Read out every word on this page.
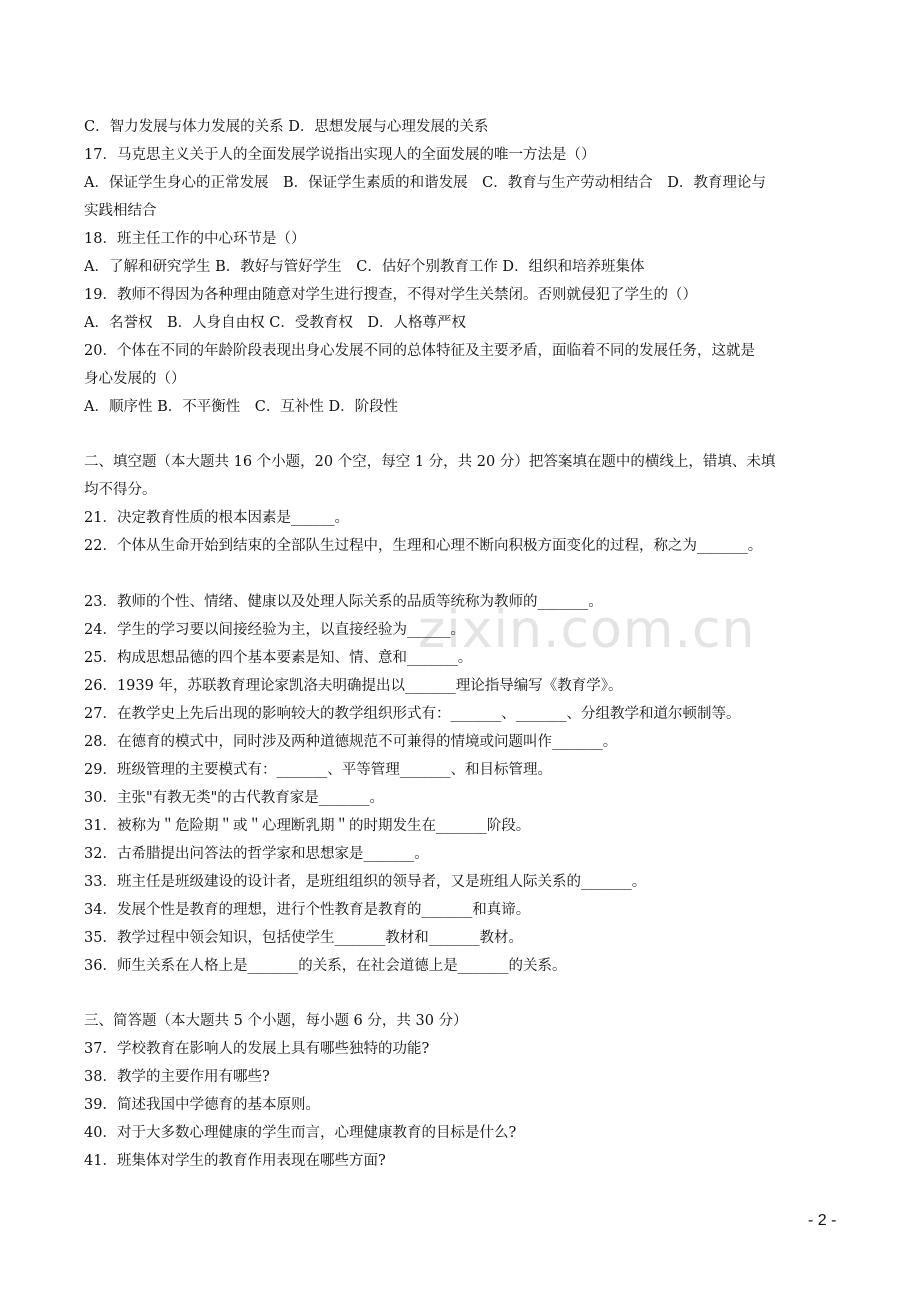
zixin.com.cn
C．智力发展与体力发展的关系 D．思想发展与心理发展的关系
17．马克思主义关于人的全面发展学说指出实现人的全面发展的唯一方法是（）
A．保证学生身心的正常发展　B．保证学生素质的和谐发展　C．教育与生产劳动相结合　D．教育理论与
实践相结合
18．班主任工作的中心环节是（）
A．了解和研究学生 B．教好与管好学生　C．估好个别教育工作 D．组织和培养班集体
19．教师不得因为各种理由随意对学生进行搜查，不得对学生关禁闭。否则就侵犯了学生的（）
A．名誉权　B．人身自由权 C．受教育权　D．人格尊严权
20．个体在不同的年龄阶段表现出身心发展不同的总体特征及主要矛盾，面临着不同的发展任务，这就是
身心发展的（）
A．顺序性 B．不平衡性　C．互补性 D．阶段性
二、填空题（本大题共 16 个小题，20 个空，每空 1 分，共 20 分）把答案填在题中的横线上，错填、未填
均不得分。
21．决定教育性质的根本因素是______。
22．个体从生命开始到结束的全部队生过程中，生理和心理不断向积极方面变化的过程，称之为_______。
23．教师的个性、情绪、健康以及处理人际关系的品质等统称为教师的_______。
24．学生的学习要以间接经验为主，以直接经验为______。
25．构成思想品德的四个基本要素是知、情、意和_______。
26．1939 年，苏联教育理论家凯洛夫明确提出以_______理论指导编写《教育学》。
27．在教学史上先后出现的影响较大的教学组织形式有：_______、_______、分组教学和道尔顿制等。
28．在德育的模式中，同时涉及两种道德规范不可兼得的情境或问题叫作_______。
29．班级管理的主要模式有：_______、平等管理_______、和目标管理。
30．主张"有教无类"的古代教育家是_______。
31．被称为＂危险期＂或＂心理断乳期＂的时期发生在_______阶段。
32．古希腊提出问答法的哲学家和思想家是_______。
33．班主任是班级建设的设计者，是班组组织的领导者，又是班组人际关系的_______。
34．发展个性是教育的理想，进行个性教育是教育的_______和真谛。
35．教学过程中领会知识，包括使学生_______教材和_______教材。
36．师生关系在人格上是_______的关系，在社会道德上是_______的关系。
三、简答题（本大题共 5 个小题，每小题 6 分，共 30 分）
37．学校教育在影响人的发展上具有哪些独特的功能?
38．教学的主要作用有哪些?
39．简述我国中学德育的基本原则。
40．对于大多数心理健康的学生而言，心理健康教育的目标是什么?
41．班集体对学生的教育作用表现在哪些方面?
- 2 -
